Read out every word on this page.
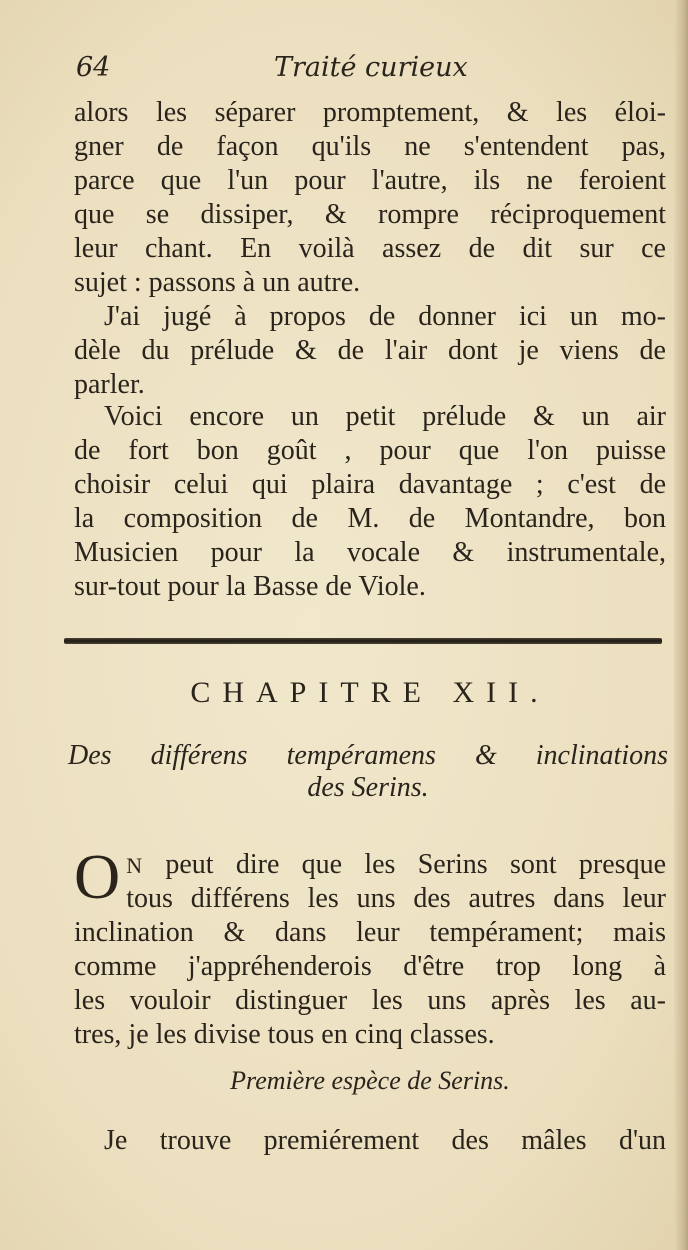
64	Traité curieux
alors les séparer promptement, & les éloi-
gner de façon qu'ils ne s'entendent pas,
parce que l'un pour l'autre, ils ne feroient
que se dissiper, & rompre réciproquement
leur chant. En voilà assez de dit sur ce
sujet : passons à un autre.
J'ai jugé à propos de donner ici un mo-
dèle du prélude & de l'air dont je viens de
parler.
Voici encore un petit prélude & un air
de fort bon goût , pour que l'on puisse
choisir celui qui plaira davantage ; c'est de
la composition de M. de Montandre, bon
Musicien pour la vocale & instrumentale,
sur-tout pour la Basse de Viole.
CHAPITRE XII.
Des différens tempéramens & inclinations
des Serins.
O N peut dire que les Serins sont presque
tous différens les uns des autres dans leur
inclination & dans leur tempérament; mais
comme j'appréhenderois d'être trop long à
les vouloir distinguer les uns après les au-
tres, je les divise tous en cinq classes.
Première espèce de Serins.
Je trouve premiérement des mâles d'un
